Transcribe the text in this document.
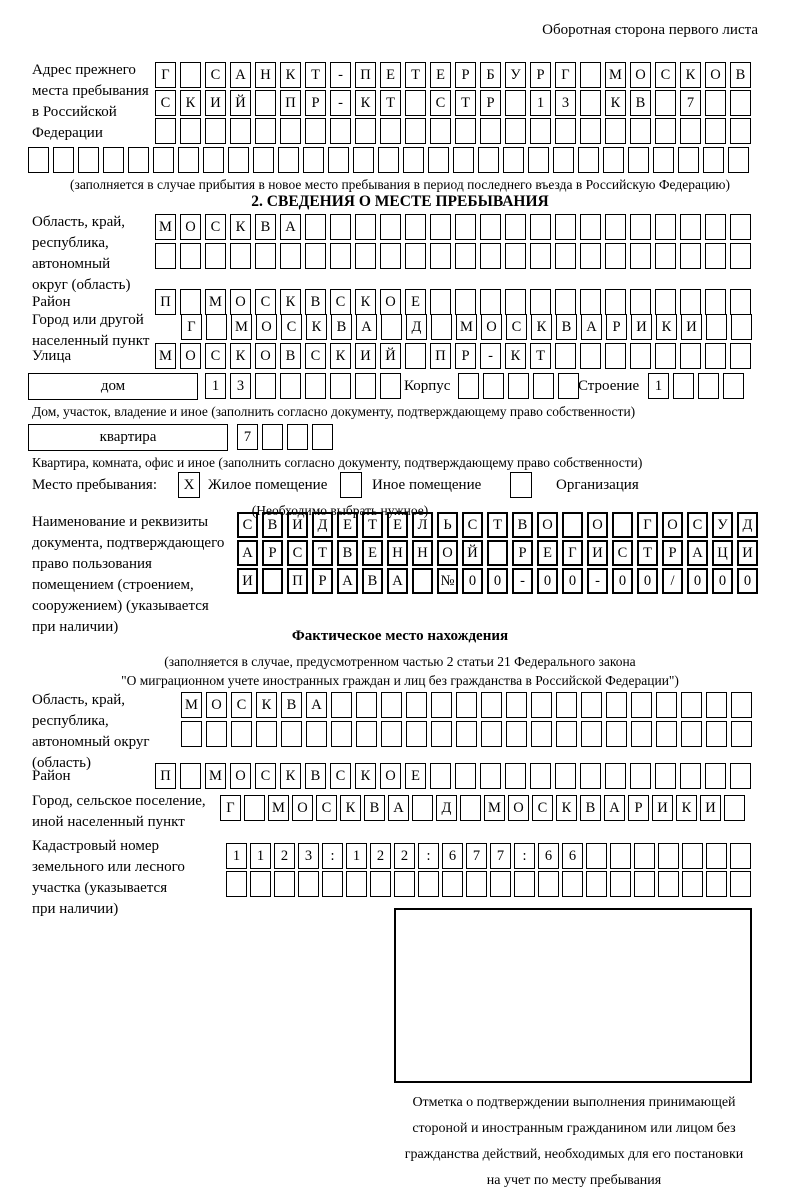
Оборотная сторона первого листа
Адрес прежнего
места пребывания
в Российской
Федерации
Г	С	А	Н	К	Т	-	П	Е	Т	Е	Р	Б	У	Р	Г	М О	С	К	О	В
С	К	И	Й	П	Р	-	К	Т	С	Т	Р	1	3	К	В	7
(заполняется в случае прибытия в новое место пребывания в период последнего въезда в Российскую Федерацию)
2. СВЕДЕНИЯ О МЕСТЕ ПРЕБЫВАНИЯ
Область, край,
республика,
автономный
округ (область)
М О	С	К	В	А
Район	П	М О	С	К	В	С	К	О	Е
Город или другой
населенный пункт
Г	М О	С	К	В	А	Д	М О	С	К	В	А	Р	И	К	И
Улица	М О	С	К	О	В	С	К	И	Й	П	Р	-	К	Т
дом	1	3	Корпус	Строение	1
Дом, участок, владение и иное (заполнить согласно документу, подтверждающему право собственности)
квартира	7
Квартира, комната, офис и иное (заполнить согласно документу, подтверждающему право собственности)
Место пребывания:	X Жилое помещение	Иное помещение	Организация
(Необходимо выбрать нужное)
Наименование и реквизиты
документа, подтверждающего
право пользования
помещением (строением,
сооружением) (указывается
при наличии)
С	В	И	Д	Е	Т	Е	Л	Ь	С	Т	В	О	О	Г	О	С	У	Д
А	Р	С	Т	В	Е	Н	Н	О	Й	Р	Е	Г	И	С	Т	Р	А	Ц	И
И	П	Р	А	В	А	№ 0	0	-	0	0	-	0	0	/	0	0	0
Фактическое место нахождения
(заполняется в случае, предусмотренном частью 2 статьи 21 Федерального закона
"О миграционном учете иностранных граждан и лиц без гражданства в Российской Федерации")
Область, край,
республика,
автономный округ
(область)
М О	С	К	В	А
Район	П	М О	С	К	В	С	К	О	Е
Город, сельское поселение,
иной населенный пункт
Г	М О С К В А	Д	М О С К В А	Р	И К И
Кадастровый номер
земельного или лесного
участка (указывается
при наличии)
1	1	2	3	:	1	2	2	:	6	7	7	:	6	6
Отметка о подтверждении выполнения принимающей
стороной и иностранным гражданином или лицом без
гражданства действий, необходимых для его постановки
на учет по месту пребывания
